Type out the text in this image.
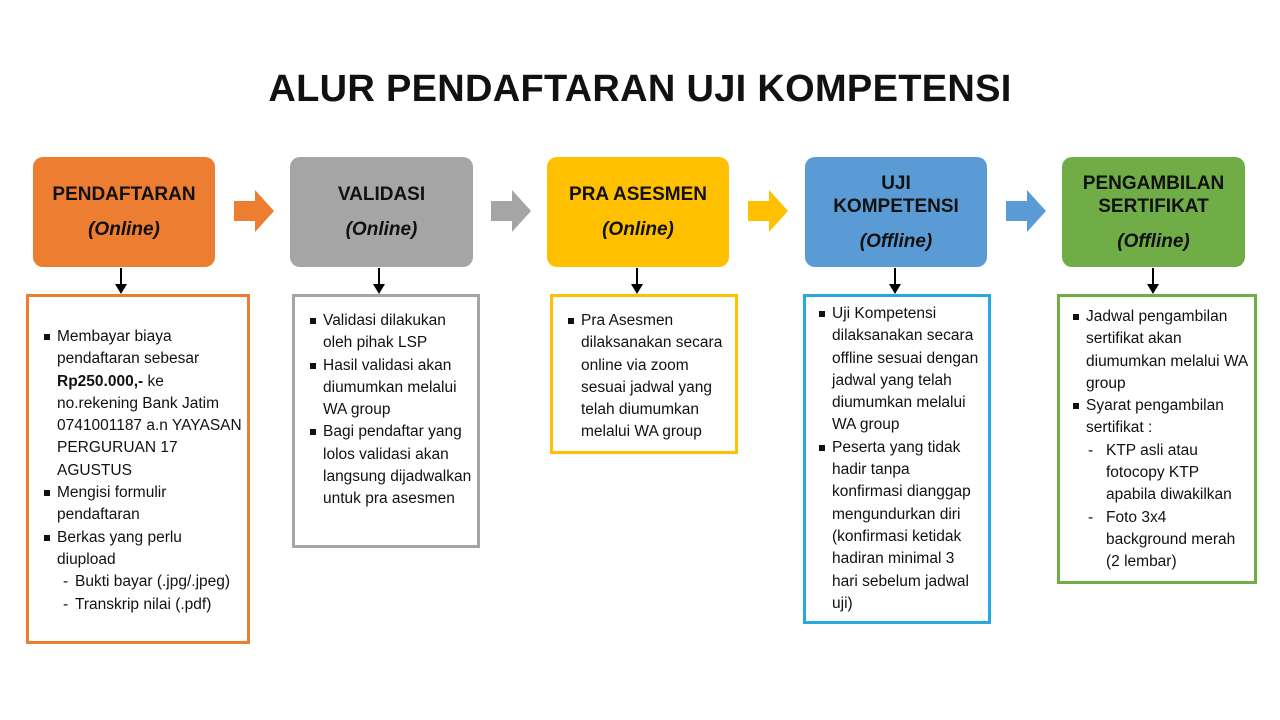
ALUR PENDAFTARAN UJI KOMPETENSI
PENDAFTARAN
(Online)
VALIDASI
(Online)
PRA ASESMEN
(Online)
UJI KOMPETENSI
(Offline)
PENGAMBILAN SERTIFIKAT
(Offline)
Membayar biaya pendaftaran sebesar Rp250.000,- ke no.rekening Bank Jatim 0741001187 a.n YAYASAN PERGURUAN 17 AGUSTUS
Mengisi formulir pendaftaran
Berkas yang perlu diupload
- Bukti bayar (.jpg/.jpeg)
- Transkrip nilai (.pdf)
Validasi dilakukan oleh pihak LSP
Hasil validasi akan diumumkan melalui WA group
Bagi pendaftar yang lolos validasi akan langsung dijadwalkan untuk pra asesmen
Pra Asesmen dilaksanakan secara online via zoom sesuai jadwal yang telah diumumkan melalui WA group
Uji Kompetensi dilaksanakan secara offline sesuai dengan jadwal yang telah diumumkan melalui WA group
Peserta yang tidak hadir tanpa konfirmasi dianggap mengundurkan diri (konfirmasi ketidak hadiran minimal 3 hari sebelum jadwal uji)
Jadwal pengambilan sertifikat akan diumumkan melalui WA group
Syarat pengambilan sertifikat :
- KTP asli atau fotocopy KTP apabila diwakilkan
- Foto 3x4 background merah (2 lembar)
